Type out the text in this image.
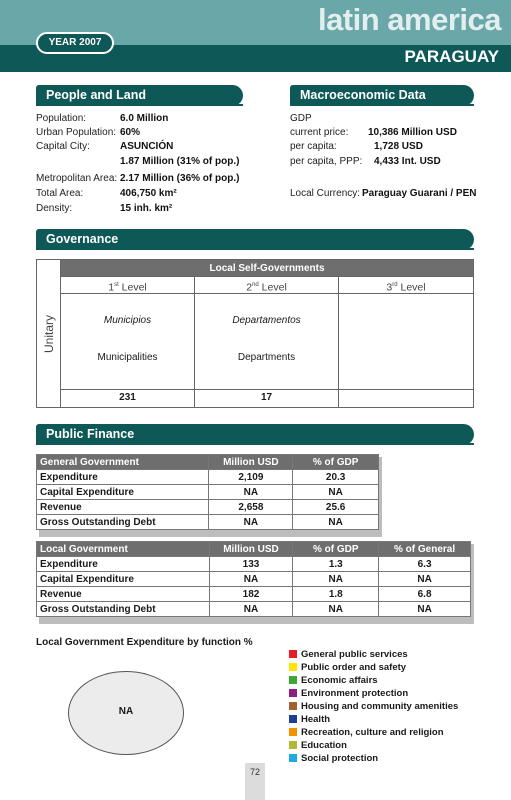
latin america
PARAGUAY
YEAR 2007
People and Land
Population:	6.0 Million
Urban Population: 60%
Capital City:	ASUNCIÓN
1.87 Million (31% of pop.)
Metropolitan Area: 2.17 Million (36% of pop.)
Total Area:	406,750 km²
Density:	15 inh. km²
Macroeconomic Data
GDP
current price: 10,386 Million USD
per capita:	1,728 USD
per capita, PPP: 4,433 Int. USD
Local Currency: Paraguay Guarani / PEN
Governance
Unitary
Local Self-Governments
1st Level	2nd Level	3rd Level
Municipios
Municipalities
Departamentos
Departments
231	17
Public Finance
General Government	Million USD	% of GDP
Expenditure	2,109	20.3
Capital Expenditure	NA	NA
Revenue	2,658	25.6
Gross Outstanding Debt	NA	NA
Local Government	Million USD	% of GDP	% of General
Expenditure	133	1.3	6.3
Capital Expenditure	NA	NA	NA
Revenue	182	1.8	6.8
Gross Outstanding Debt	NA	NA	NA
Local Government Expenditure by function %
NA
General public services
Public order and safety
Economic affairs
Environment protection
Housing and community amenities
Health
Recreation, culture and religion
Education
Social protection
72
